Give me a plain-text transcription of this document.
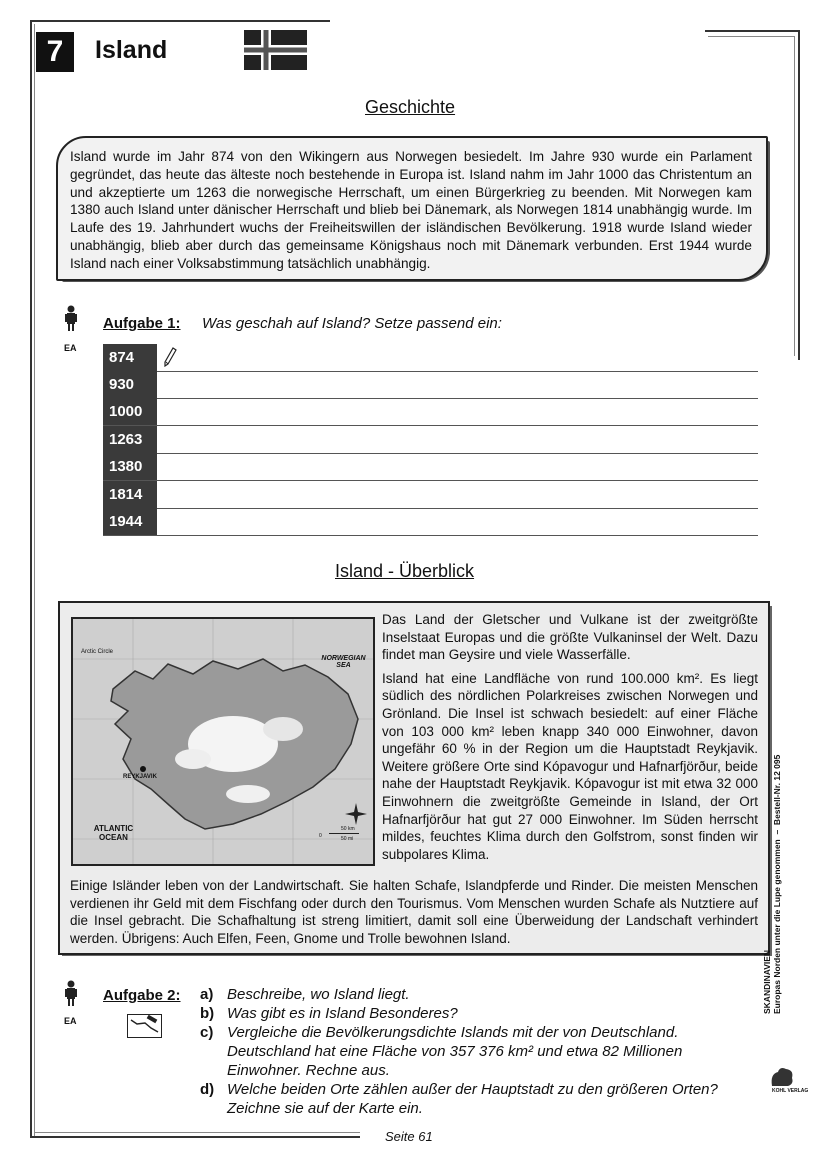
7	Island
Geschichte

Island wurde im Jahr 874 von den Wikingern aus Norwegen besiedelt. Im Jahre 930 wurde ein Parlament gegründet, das heute das älteste noch bestehende in Europa ist. Island nahm im Jahr 1000 das Christentum an und akzeptierte um 1263 die norwegische Herrschaft, um einen Bürgerkrieg zu beenden. Mit Norwegen kam 1380 auch Island unter dänischer Herrschaft und blieb bei Dänemark, als Norwegen 1814 unabhängig wurde. Im Laufe des 19. Jahrhundert wuchs der Freiheitswillen der isländischen Bevölkerung. 1918 wurde Island wieder unabhängig, blieb aber durch das gemeinsame Königshaus noch mit Dänemark verbunden. Erst 1944 wurde Island nach einer Volksabstimmung tatsächlich unabhängig.

EA
Aufgabe 1: Was geschah auf Island? Setze passend ein:
874
930
1000
1263
1380
1814
1944
Island - Überblick
Arctic Circle
NORWEGIAN SEA
ATLANTIC OCEAN
REYKJAVIK
0
50 km
50 mi

Das Land der Gletscher und Vulkane ist der zweitgrößte Inselstaat Europas und die größte Vulkaninsel der Welt. Dazu findet man Geysire und viele Wasserfälle.

Island hat eine Landfläche von rund 100.000 km². Es liegt südlich des nördlichen Polarkreises zwischen Norwegen und Grönland. Die Insel ist schwach besiedelt: auf einer Fläche von 103 000 km² leben knapp 340 000 Einwohner, davon ungefähr 60 % in der Region um die Hauptstadt Reykjavik. Weitere größere Orte sind Kópavogur und Hafnarfjörður, beide nahe der Hauptstadt Reykjavik. Kópavogur ist mit etwa 32 000 Einwohnern die zweitgrößte Gemeinde in Island, der Ort Hafnarfjörður hat gut 27 000 Einwohner. Im Süden herrscht mildes, feuchtes Klima durch den Golfstrom, sonst finden wir subpolares Klima.

Einige Isländer leben von der Landwirtschaft. Sie halten Schafe, Islandpferde und Rinder. Die meisten Menschen verdienen ihr Geld mit dem Fischfang oder durch den Tourismus. Vom Menschen wurden Schafe als Nutztiere auf die Insel gebracht. Die Schafhaltung ist streng limitiert, damit soll eine Überweidung der Landschaft verhindert werden. Übrigens: Auch Elfen, Feen, Gnome und Trolle bewohnen Island.

EA
Aufgabe 2: a) Beschreibe, wo Island liegt.
b) Was gibt es in Island Besonderes?
c) Vergleiche die Bevölkerungsdichte Islands mit der von Deutschland. Deutschland hat eine Fläche von 357 376 km² und etwa 82 Millionen Einwohner. Rechne aus.
d) Welche beiden Orte zählen außer der Hauptstadt zu den größeren Orten? Zeichne sie auf der Karte ein.
SKANDINAVIEN Europas Norden unter die Lupe genommen  –  Bestell-Nr. 12 095
KOHL VERLAG
Seite 61
